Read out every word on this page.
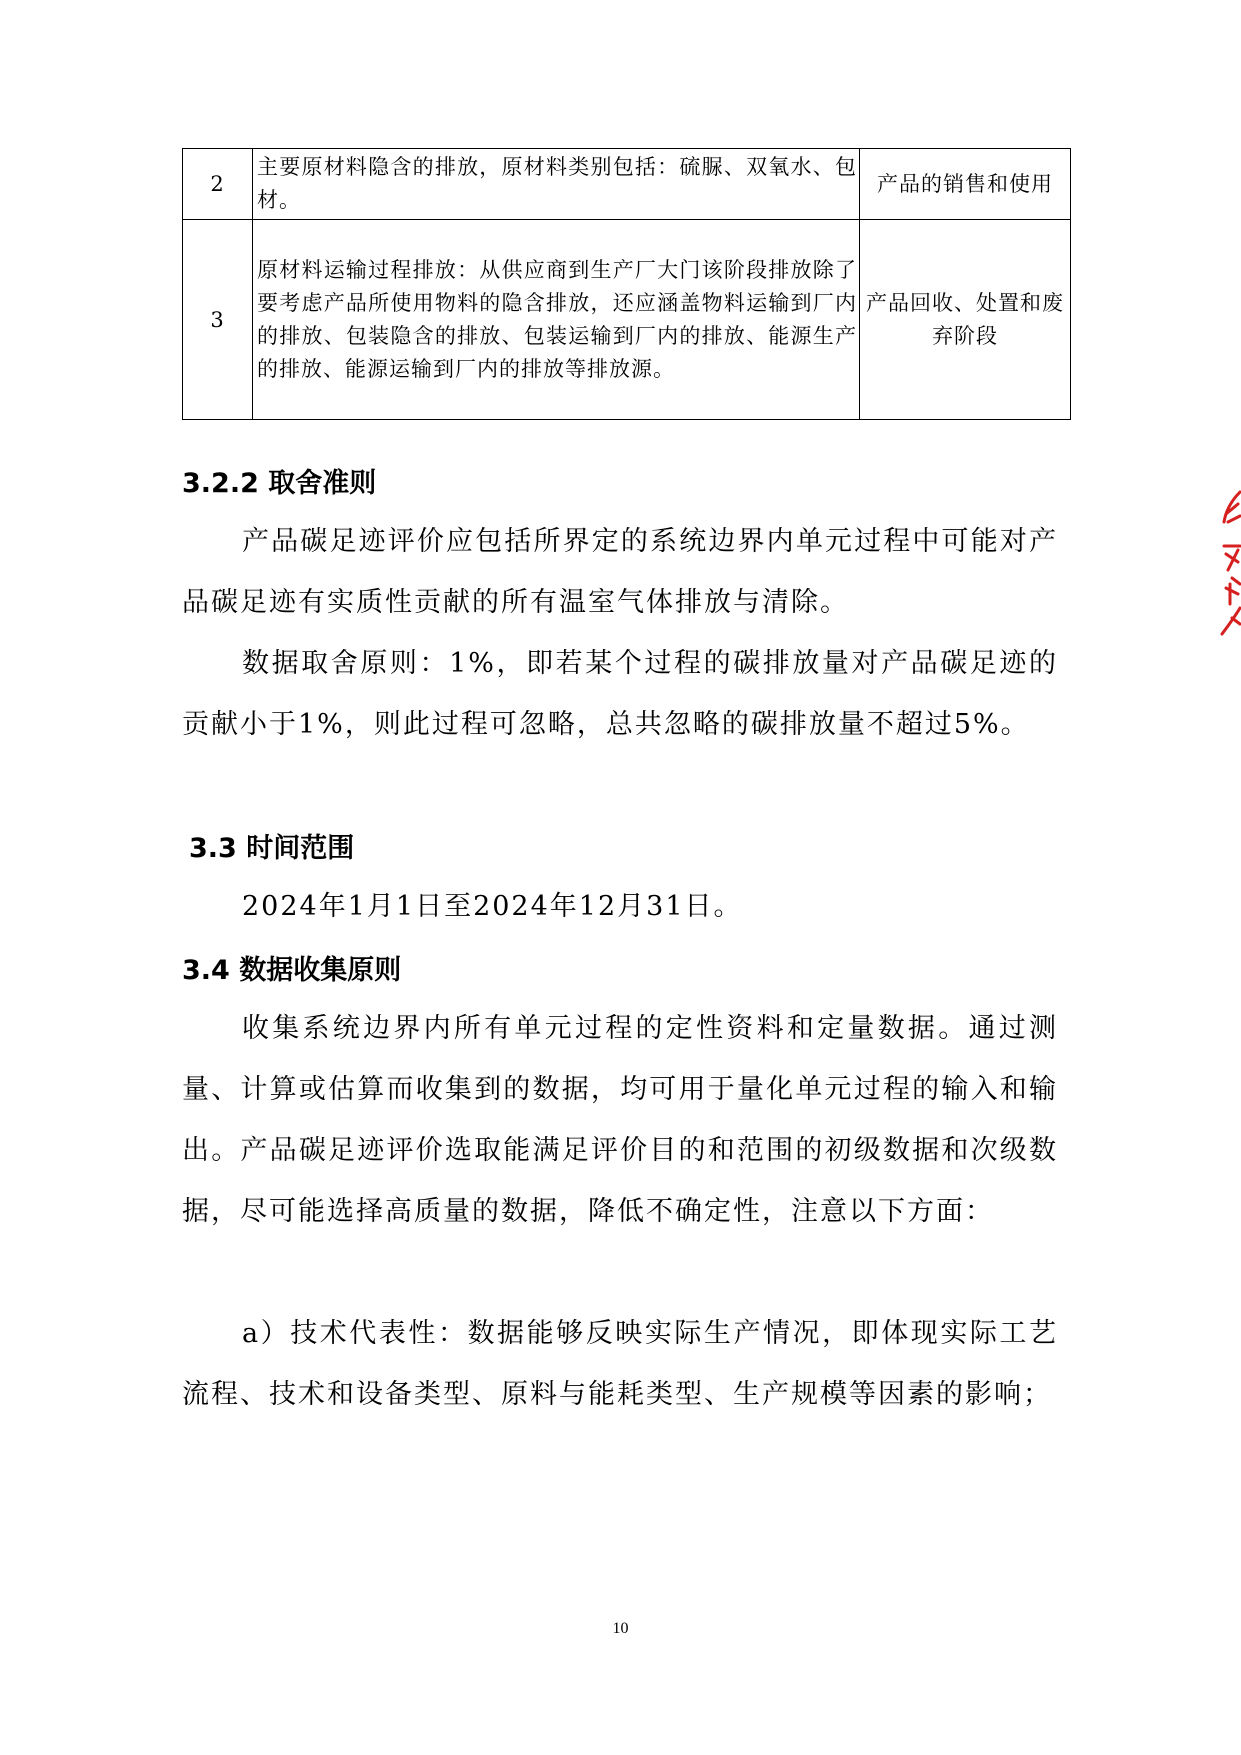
2	主要原材料隐含的排放，原材料类别包括：硫脲、双氧水、包材。	产品的销售和使用
3	原材料运输过程排放：从供应商到生产厂大门该阶段排放除了要考虑产品所使用物料的隐含排放，还应涵盖物料运输到厂内的排放、包装隐含的排放、包装运输到厂内的排放、能源生产的排放、能源运输到厂内的排放等排放源。	产品回收、处置和废弃阶段
3.2.2 取舍准则

产品碳足迹评价应包括所界定的系统边界内单元过程中可能对产品碳足迹有实质性贡献的所有温室气体排放与清除。

数据取舍原则：1%，即若某个过程的碳排放量对产品碳足迹的贡献小于1%，则此过程可忽略，总共忽略的碳排放量不超过5%。

3.3 时间范围

2024年1月1日至2024年12月31日。

3.4 数据收集原则

收集系统边界内所有单元过程的定性资料和定量数据。通过测量、计算或估算而收集到的数据，均可用于量化单元过程的输入和输出。产品碳足迹评价选取能满足评价目的和范围的初级数据和次级数据，尽可能选择高质量的数据，降低不确定性，注意以下方面：

a）技术代表性：数据能够反映实际生产情况，即体现实际工艺流程、技术和设备类型、原料与能耗类型、生产规模等因素的影响；

10
